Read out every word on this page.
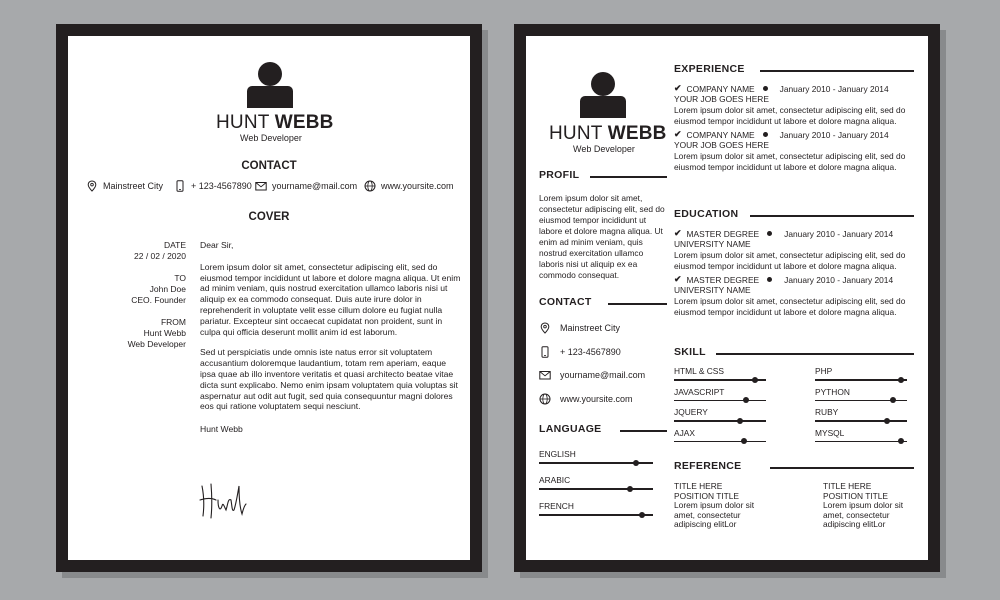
HUNT WEBB
Web Developer
CONTACT
Mainstreet City	+ 123-4567890 yourname@mail.com	www.yoursite.com
COVER
DATE
22 / 02 / 2020
TO
John Doe
CEO. Founder
FROM
Hunt Webb
Web Developer
Dear Sir,
Lorem ipsum dolor sit amet, consectetur adipiscing elit, sed do eiusmod tempor incididunt ut labore et dolore magna aliqua. Ut enim ad minim veniam, quis nostrud exercitation ullamco laboris nisi ut aliquip ex ea commodo consequat. Duis aute irure dolor in reprehenderit in voluptate velit esse cillum dolore eu fugiat nulla pariatur. Excepteur sint occaecat cupidatat non proident, sunt in culpa qui officia deserunt mollit anim id est laborum.
Sed ut perspiciatis unde omnis iste natus error sit voluptatem accusantium doloremque laudantium, totam rem aperiam, eaque ipsa quae ab illo inventore veritatis et quasi architecto beatae vitae dicta sunt explicabo. Nemo enim ipsam voluptatem quia voluptas sit aspernatur aut odit aut fugit, sed quia consequuntur magni dolores eos qui ratione voluptatem sequi nesciunt.
Hunt Webb
HUNT WEBB
Web Developer
PROFIL
Lorem ipsum dolor sit amet, consectetur adipiscing elit, sed do eiusmod tempor incididunt ut labore et dolore magna aliqua. Ut enim ad minim veniam, quis nostrud exercitation ullamco laboris nisi ut aliquip ex ea commodo consequat.
CONTACT
Mainstreet City
+ 123-4567890
yourname@mail.com
www.yoursite.com
LANGUAGE
ENGLISH
ARABIC
FRENCH
EXPERIENCE
✔ COMPANY NAME	January 2010 - January 2014
YOUR JOB GOES HERE
Lorem ipsum dolor sit amet, consectetur adipiscing elit, sed do eiusmod tempor incididunt ut labore et dolore magna aliqua.
✔ COMPANY NAME	January 2010 - January 2014
YOUR JOB GOES HERE
Lorem ipsum dolor sit amet, consectetur adipiscing elit, sed do eiusmod tempor incididunt ut labore et dolore magna aliqua.
EDUCATION
✔ MASTER DEGREE	January 2010 - January 2014
UNIVERSITY NAME
Lorem ipsum dolor sit amet, consectetur adipiscing elit, sed do eiusmod tempor incididunt ut labore et dolore magna aliqua.
✔ MASTER DEGREE	January 2010 - January 2014
UNIVERSITY NAME
Lorem ipsum dolor sit amet, consectetur adipiscing elit, sed do eiusmod tempor incididunt ut labore et dolore magna aliqua.
SKILL
HTML & CSS
JAVASCRIPT
JQUERY
AJAX
PHP
PYTHON
RUBY
MYSQL
REFERENCE
TITLE HERE
POSITION TITLE
Lorem ipsum dolor sit amet, consectetur adipiscing elitLor
TITLE HERE
POSITION TITLE
Lorem ipsum dolor sit amet, consectetur adipiscing elitLor
